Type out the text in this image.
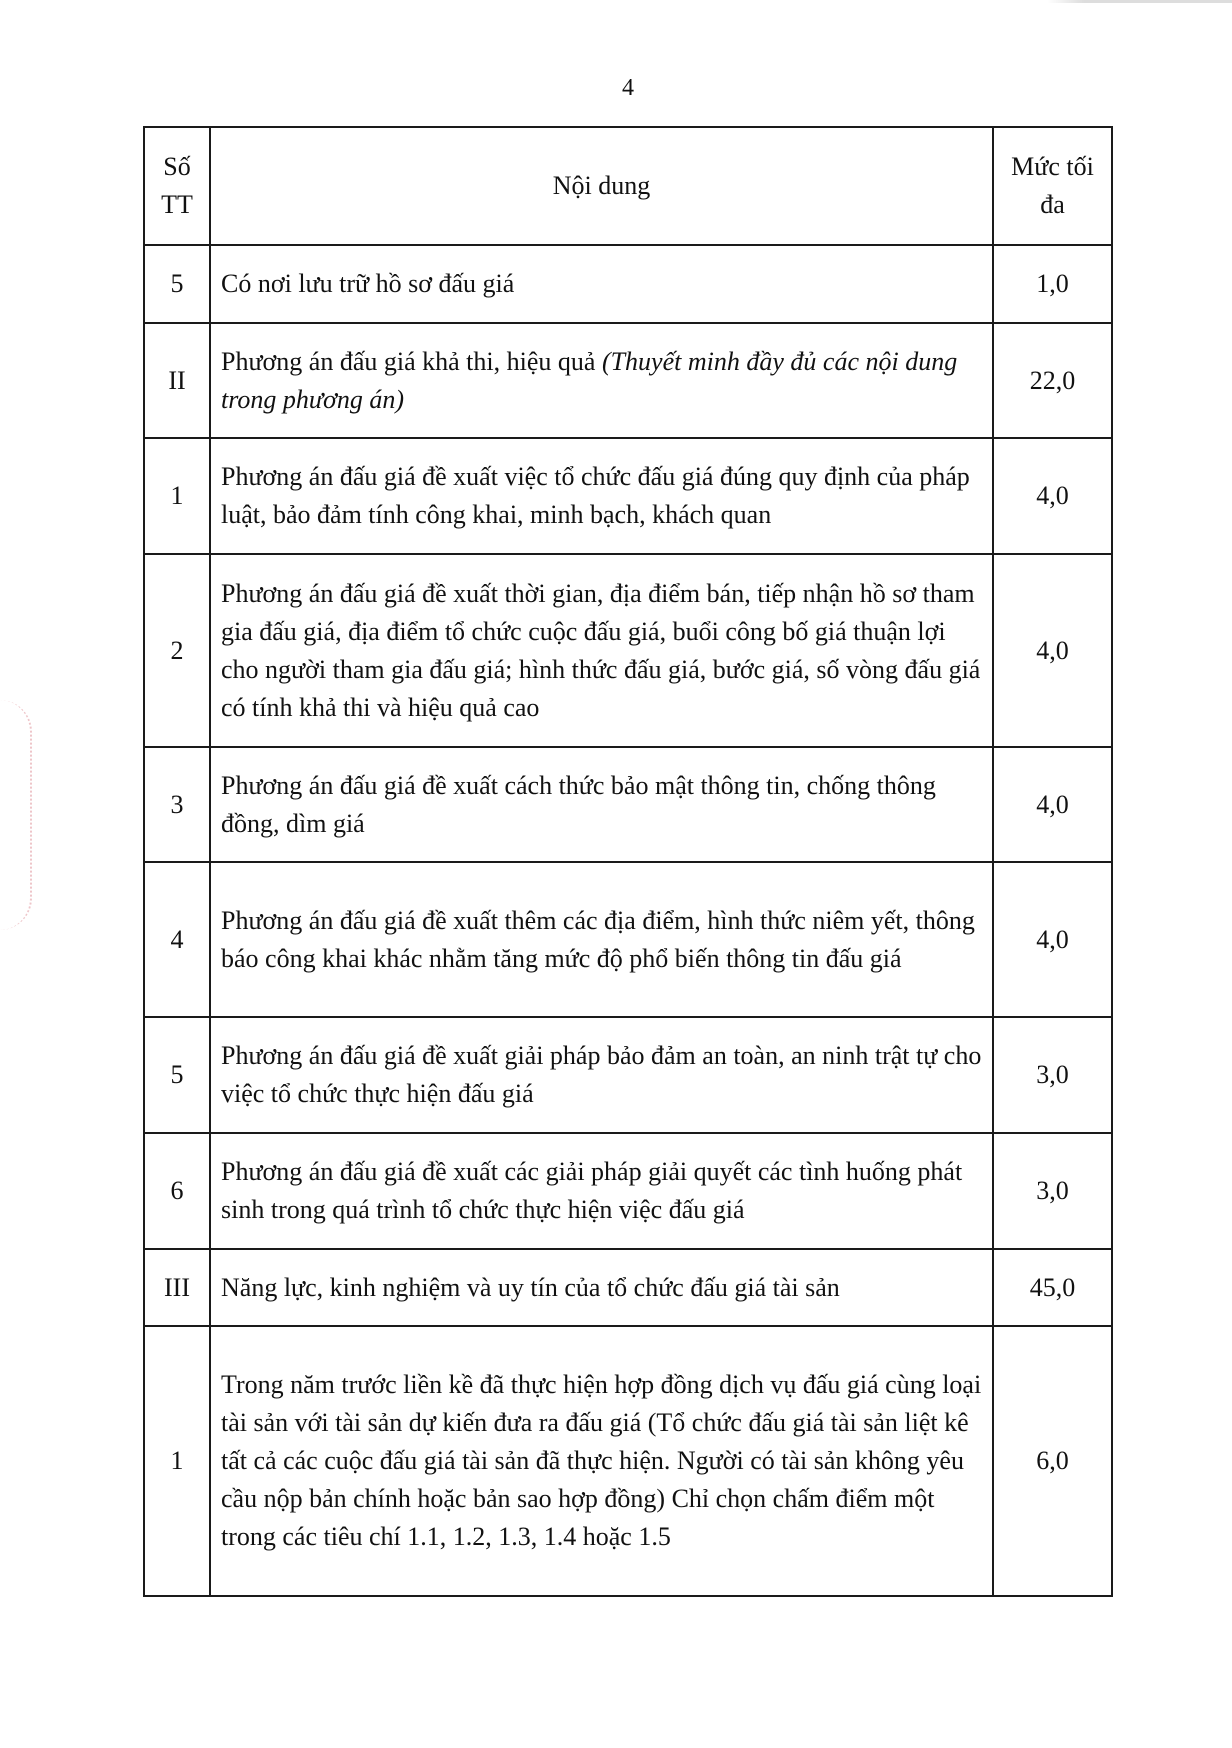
4
Số TT	Nội dung	Mức tối đa
5	Có nơi lưu trữ hồ sơ đấu giá	1,0
II	Phương án đấu giá khả thi, hiệu quả (Thuyết minh đầy đủ các nội dung trong phương án)	22,0
1	Phương án đấu giá đề xuất việc tổ chức đấu giá đúng quy định của pháp luật, bảo đảm tính công khai, minh bạch, khách quan	4,0
2	Phương án đấu giá đề xuất thời gian, địa điểm bán, tiếp nhận hồ sơ tham gia đấu giá, địa điểm tổ chức cuộc đấu giá, buổi công bố giá thuận lợi cho người tham gia đấu giá; hình thức đấu giá, bước giá, số vòng đấu giá có tính khả thi và hiệu quả cao	4,0
3	Phương án đấu giá đề xuất cách thức bảo mật thông tin, chống thông đồng, dìm giá	4,0
4	Phương án đấu giá đề xuất thêm các địa điểm, hình thức niêm yết, thông báo công khai khác nhằm tăng mức độ phổ biến thông tin đấu giá	4,0
5	Phương án đấu giá đề xuất giải pháp bảo đảm an toàn, an ninh trật tự cho việc tổ chức thực hiện đấu giá	3,0
6	Phương án đấu giá đề xuất các giải pháp giải quyết các tình huống phát sinh trong quá trình tổ chức thực hiện việc đấu giá	3,0
III	Năng lực, kinh nghiệm và uy tín của tổ chức đấu giá tài sản	45,0
1	Trong năm trước liền kề đã thực hiện hợp đồng dịch vụ đấu giá cùng loại tài sản với tài sản dự kiến đưa ra đấu giá (Tổ chức đấu giá tài sản liệt kê tất cả các cuộc đấu giá tài sản đã thực hiện. Người có tài sản không yêu cầu nộp bản chính hoặc bản sao hợp đồng) Chỉ chọn chấm điểm một trong các tiêu chí 1.1, 1.2, 1.3, 1.4 hoặc 1.5	6,0
